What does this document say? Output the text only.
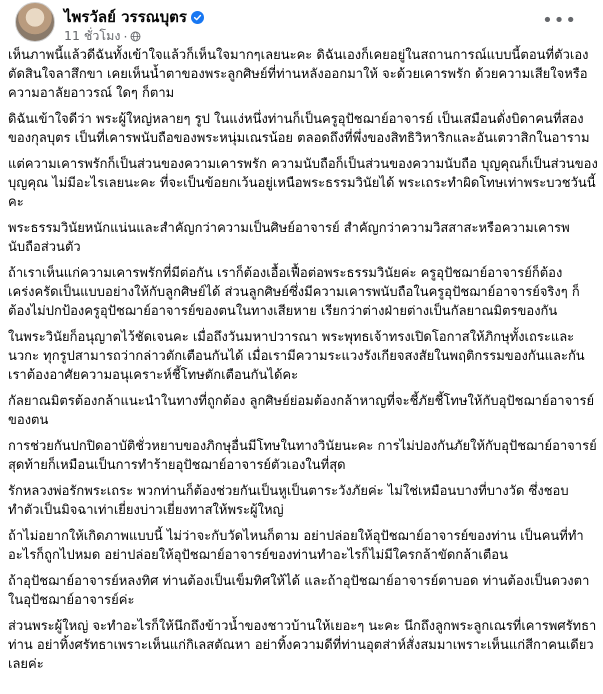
ไพรวัลย์ วรรณบุตร
11 ชั่วโมง ·
•••

เห็นภาพนี้แล้วดีฉันทั้งเข้าใจแล้วก็เห็นใจมากๆเลยนะคะ ดิฉันเองก็เคยอยู่ในสถานการณ์แบบนี้ตอนที่ตัวเองตัดสินใจลาสึกขา เคยเห็นน้ำตาของพระลูกศิษย์ที่ท่านหลังออกมาให้ จะด้วยเคารพรัก ด้วยความเสียใจหรือความอาลัยอาวรณ์ ใดๆ ก็ตาม

ดิฉันเข้าใจดีว่า พระผู้ใหญ่หลายๆ รูป ในแง่หนึ่งท่านก็เป็นครูอุปัชฌาย์อาจารย์ เป็นเสมือนดั่งบิดาคนที่สองของกุลบุตร เป็นที่เคารพนับถือของพระหนุ่มเณรน้อย ตลอดถึงที่พึ่งของสิทธิวิหาริกและอันเตวาสิกในอาราม

แต่ความเคารพรักก็เป็นส่วนของความเคารพรัก ความนับถือก็เป็นส่วนของความนับถือ บุญคุณก็เป็นส่วนของบุญคุณ ไม่มีอะไรเลยนะคะ ที่จะเป็นข้อยกเว้นอยู่เหนือพระธรรมวินัยได้ พระเถระทำผิดโทษเท่าพระบวชวันนี้คะ

พระธรรมวินัยหนักแน่นและสำคัญกว่าความเป็นศิษย์อาจารย์ สำคัญกว่าความวิสสาสะหรือความเคารพนับถือส่วนตัว

ถ้าเราเห็นแก่ความเคารพรักที่มีต่อกัน เราก็ต้องเอื้อเฟื้อต่อพระธรรมวินัยค่ะ ครูอุปัชฌาย์อาจารย์ก็ต้องเคร่งครัดเป็นแบบอย่างให้กับลูกศิษย์ได้ ส่วนลูกศิษย์ซึ่งมีความเคารพนับถือในครูอุปัชฌาย์อาจารย์จริงๆ ก็ต้องไม่ปกป้องครูอุปัชฌาย์อาจารย์ของตนในทางเสียหาย เรียกว่าต่างฝ่ายต่างเป็นกัลยาณมิตรของกัน

ในพระวินัยก็อนุญาตไว้ชัดเจนคะ เมื่อถึงวันมหาปวารณา พระพุทธเจ้าทรงเปิดโอกาสให้ภิกษุทั้งเถระและนวกะ ทุกรูปสามารถว่ากล่าวตักเตือนกันได้ เมื่อเรามีความระแวงรังเกียจสงสัยในพฤติกรรมของกันและกัน เราต้องอาศัยความอนุเคราะห์ชี้โทษตักเตือนกันได้คะ

กัลยาณมิตรต้องกล้าแนะนำในทางที่ถูกต้อง ลูกศิษย์ย่อมต้องกล้าหาญที่จะชี้ภัยชี้โทษให้กับอุปัชฌาย์อาจารย์ของตน

การช่วยกันปกปิดอาบัติชั่วหยาบของภิกษุอื่นมีโทษในทางวินัยนะคะ การไม่ปองกันภัยให้กับอุปัชฌาย์อาจารย์ สุดท้ายก็เหมือนเป็นการทำร้ายอุปัชฌาย์อาจารย์ตัวเองในที่สุด

รักหลวงพ่อรักพระเถระ พวกท่านก็ต้องช่วยกันเป็นหูเป็นตาระวังภัยค่ะ ไม่ใช่เหมือนบางที่บางวัด ซึ่งชอบทำตัวเป็นมิจฉาเท่าเยี่ยงบ่าวเยี่ยงทาสให้พระผู้ใหญ่

ถ้าไม่อยากให้เกิดภาพแบบนี้ ไม่ว่าจะกับวัดไหนก็ตาม อย่าปล่อยให้อุปัชฌาย์อาจารย์ของท่าน เป็นคนที่ทำอะไรก็ถูกไปหมด อย่าปล่อยให้อุปัชฌาย์อาจารย์ของท่านทำอะไรก็ไม่มีใครกล้าขัดกล้าเตือน

ถ้าอุปัชฌาย์อาจารย์หลงทิศ ท่านต้องเป็นเข็มทิศให้ได้ และถ้าอุปัชฌาย์อาจารย์ตาบอด ท่านต้องเป็นดวงตาในอุปัชฌาย์อาจารย์ค่ะ

ส่วนพระผู้ใหญ่ จะทำอะไรก็ให้นึกถึงข้าวน้ำของชาวบ้านให้เยอะๆ นะคะ นึกถึงลูกพระลูกเณรที่เคารพศรัทธาท่าน อย่าทิ้งศรัทธาเพราะเห็นแก่กิเลสตัณหา อย่าทิ้งความดีที่ท่านอุตส่าห์สั่งสมมาเพราะเห็นแก่สีกาคนเดียวเลยค่ะ
